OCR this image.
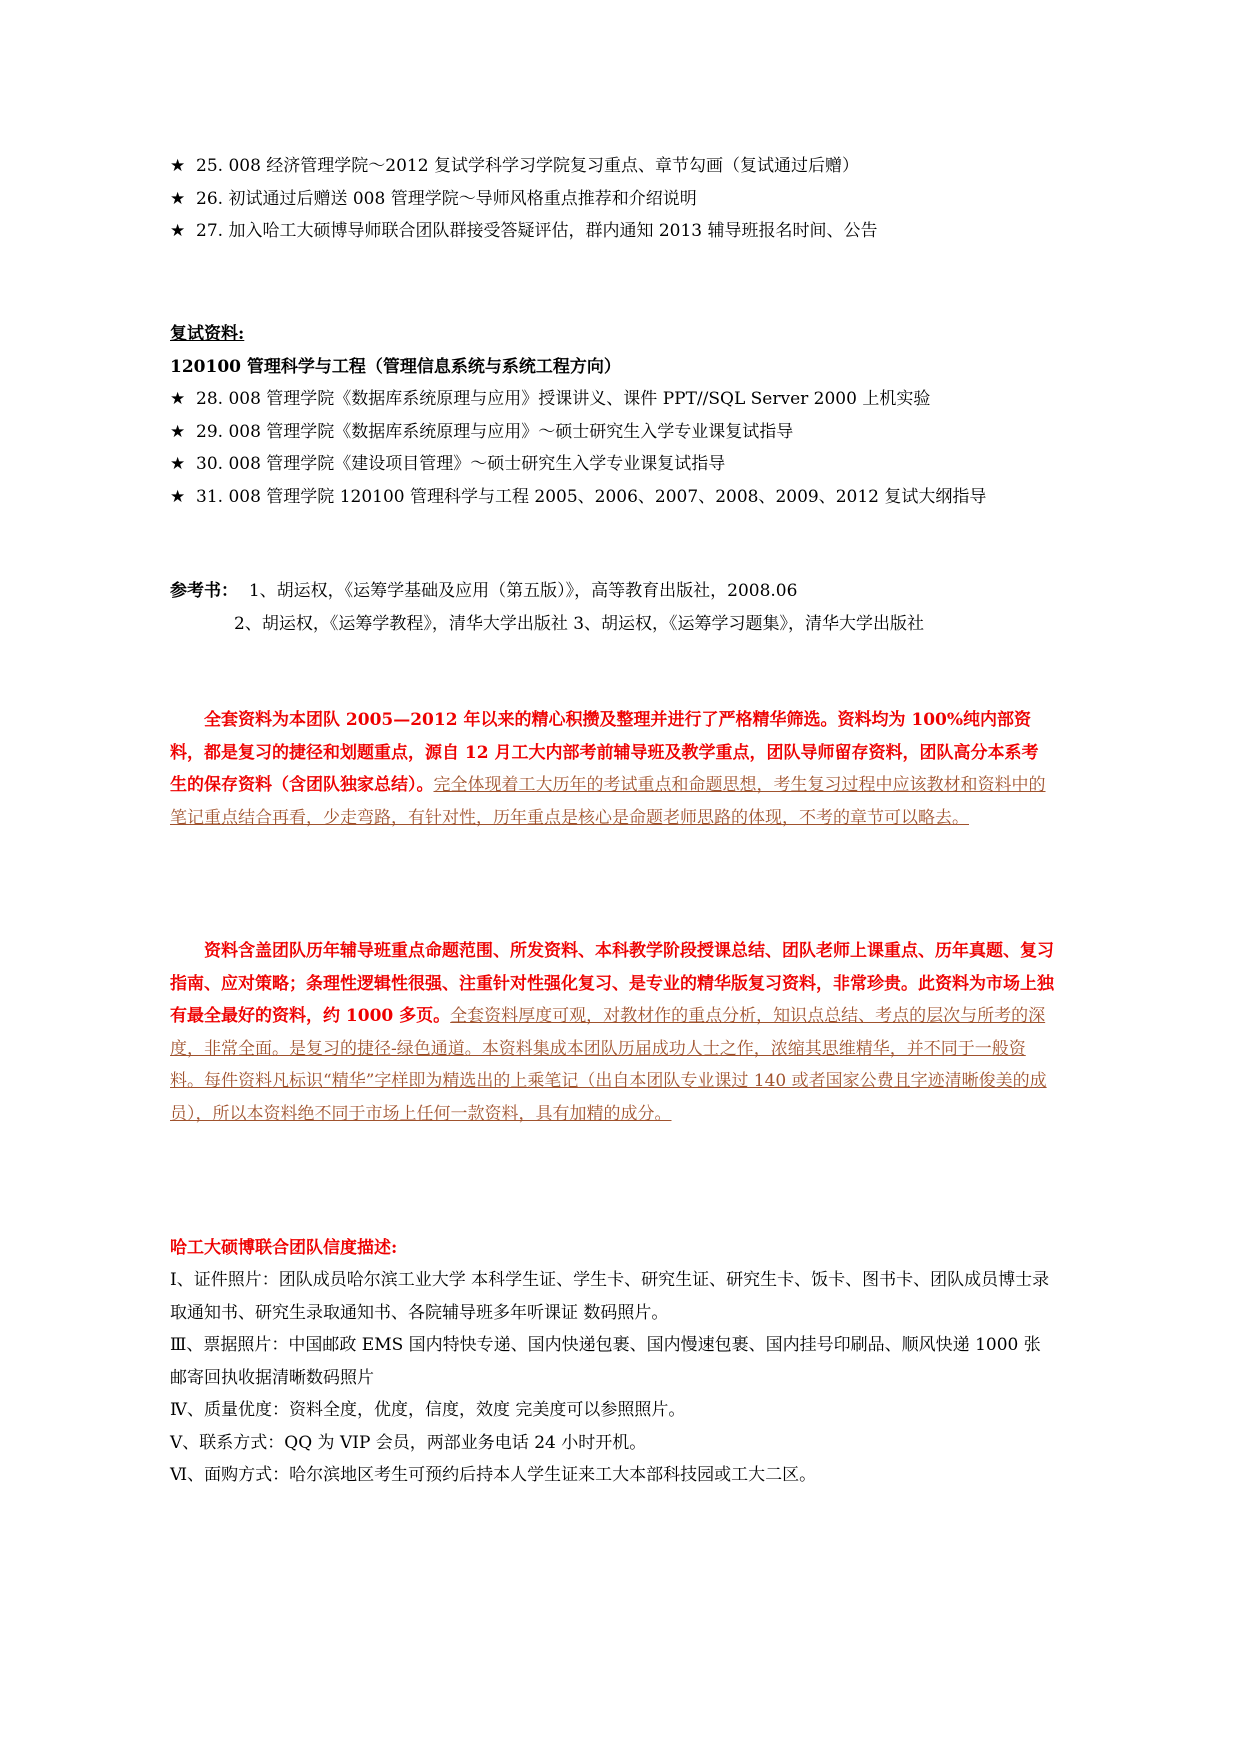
★ 25. 008 经济管理学院～2012 复试学科学习学院复习重点、章节勾画（复试通过后赠）
★ 26. 初试通过后赠送 008 管理学院～导师风格重点推荐和介绍说明
★ 27. 加入哈工大硕博导师联合团队群接受答疑评估，群内通知 2013 辅导班报名时间、公告
复试资料:
120100 管理科学与工程（管理信息系统与系统工程方向）
★ 28. 008 管理学院《数据库系统原理与应用》授课讲义、课件 PPT//SQL Server 2000 上机实验
★ 29. 008 管理学院《数据库系统原理与应用》～硕士研究生入学专业课复试指导
★ 30. 008 管理学院《建设项目管理》～硕士研究生入学专业课复试指导
★ 31. 008 管理学院 120100 管理科学与工程 2005、2006、2007、2008、2009、2012 复试大纲指导
参考书： 1、胡运权，《运筹学基础及应用（第五版）》，高等教育出版社，2008.06
2、胡运权，《运筹学教程》，清华大学出版社 3、胡运权，《运筹学习题集》，清华大学出版社
全套资料为本团队 2005—2012 年以来的精心积攒及整理并进行了严格精华筛选。资料均为 100%纯内部资料，都是复习的捷径和划题重点，源自 12 月工大内部考前辅导班及教学重点，团队导师留存资料，团队高分本系考生的保存资料（含团队独家总结）。完全体现着工大历年的考试重点和命题思想，考生复习过程中应该教材和资料中的笔记重点结合再看，少走弯路，有针对性，历年重点是核心是命题老师思路的体现，不考的章节可以略去。
资料含盖团队历年辅导班重点命题范围、所发资料、本科教学阶段授课总结、团队老师上课重点、历年真题、复习指南、应对策略；条理性逻辑性很强、注重针对性强化复习、是专业的精华版复习资料，非常珍贵。此资料为市场上独有最全最好的资料，约 1000 多页。全套资料厚度可观，对教材作的重点分析，知识点总结、考点的层次与所考的深度，非常全面。是复习的捷径-绿色通道。本资料集成本团队历届成功人士之作，浓缩其思维精华，并不同于一般资料。每件资料凡标识“精华”字样即为精选出的上乘笔记（出自本团队专业课过 140 或者国家公费且字迹清晰俊美的成员），所以本资料绝不同于市场上任何一款资料，具有加精的成分。
哈工大硕博联合团队信度描述:
Ⅰ、证件照片：团队成员哈尔滨工业大学 本科学生证、学生卡、研究生证、研究生卡、饭卡、图书卡、团队成员博士录取通知书、研究生录取通知书、各院辅导班多年听课证 数码照片。
Ⅲ、票据照片：中国邮政 EMS 国内特快专递、国内快递包裹、国内慢速包裹、国内挂号印刷品、顺风快递 1000 张邮寄回执收据清晰数码照片
Ⅳ、质量优度：资料全度，优度，信度，效度 完美度可以参照照片。
Ⅴ、联系方式：QQ 为 VIP 会员，两部业务电话 24 小时开机。
Ⅵ、面购方式：哈尔滨地区考生可预约后持本人学生证来工大本部科技园或工大二区。
